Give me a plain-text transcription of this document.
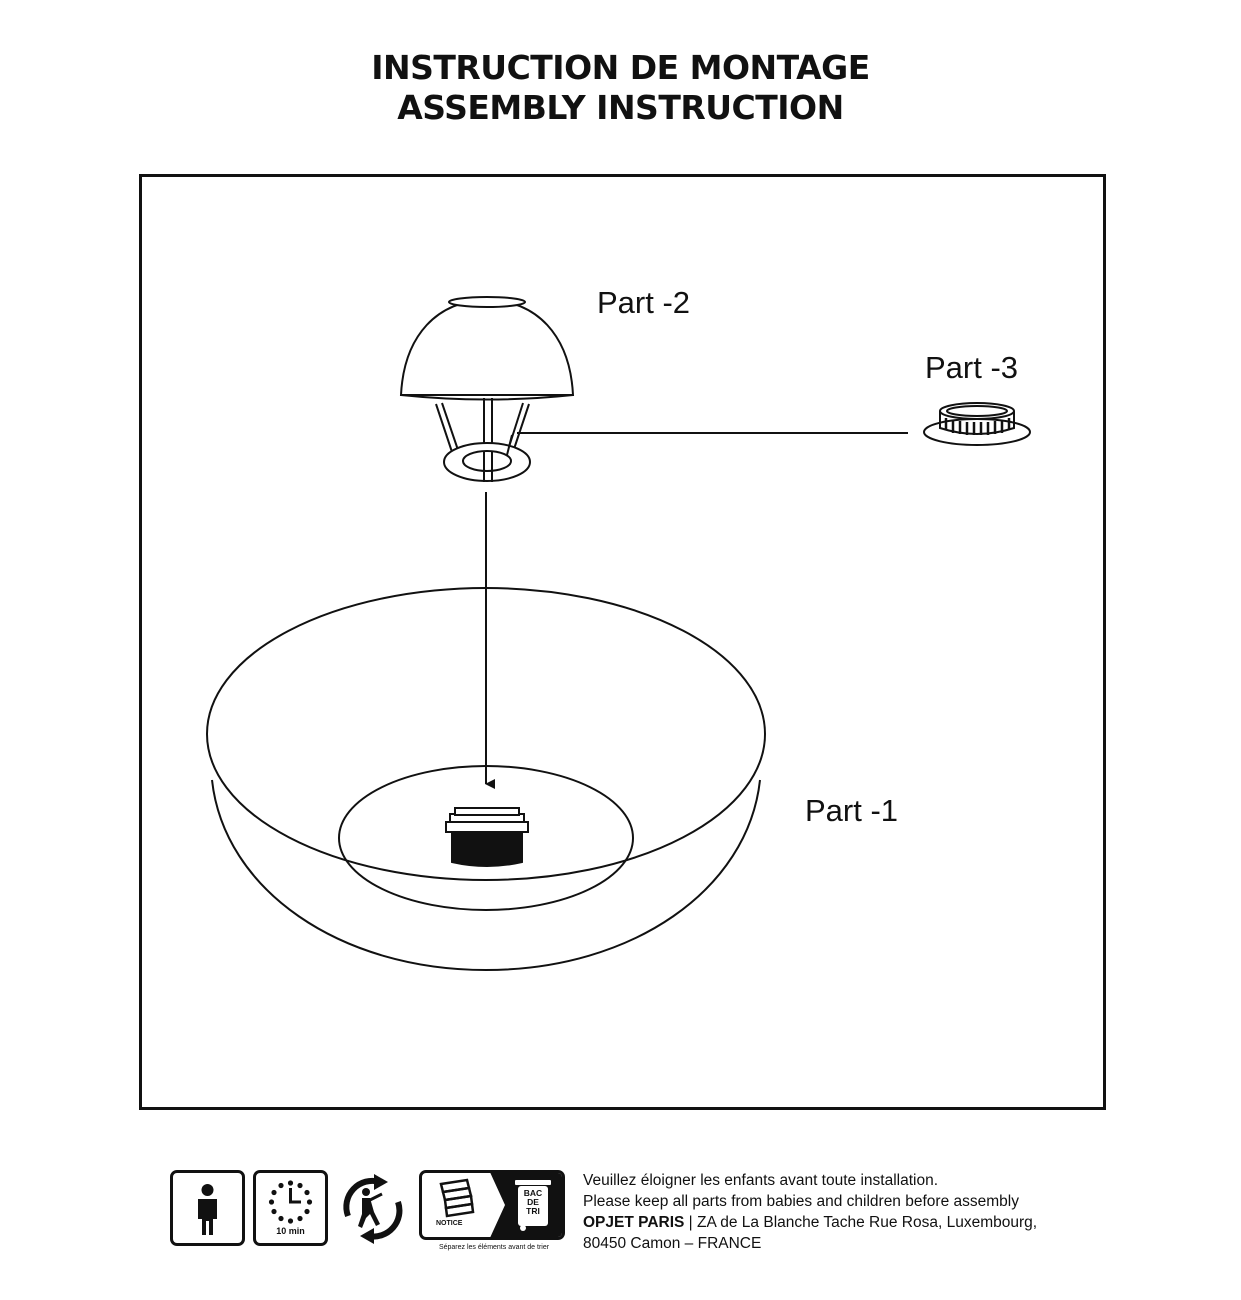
INSTRUCTION DE MONTAGE
ASSEMBLY INSTRUCTION
Part -2
Part -3
Part -1
10 min
NOTICE
BAC
DE
TRI
Séparez les éléments avant de trier
Veuillez éloigner les enfants avant toute installation.
Please keep all parts from babies and children before assembly
OPJET PARIS | ZA de La Blanche Tache Rue Rosa, Luxembourg,
80450 Camon – FRANCE
